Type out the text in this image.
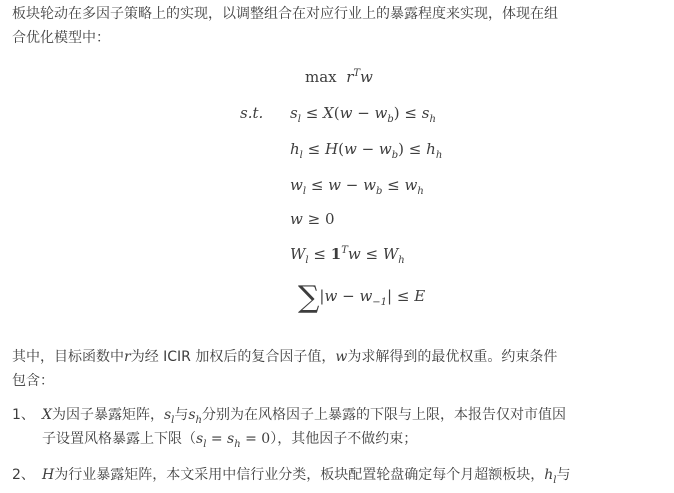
板块轮动在多因子策略上的实现，以调整组合在对应行业上的暴露程度来实现，体现在组
合优化模型中：

$\max r^Tw$
s.t. $s_l \le X(w - w_b) \le s_h$
$h_l \le H(w - w_b) \le h_h$
$w_l \le w - w_b \le w_h$
w ≥ 0
$W_l \le 1^Tw \le W_h$
$\sum|w - w_{-1}| \le E$

其中，目标函数中r为经 ICIR 加权后的复合因子值，w为求解得到的最优权重。约束条件
包含：

1、 X为因子暴露矩阵，$s_l$与$s_h$分别为在风格因子上暴露的下限与上限，本报告仅对市值因
子设置风格暴露上下限$(s_l = s_h = 0)$，其他因子不做约束；
2、 H为行业暴露矩阵，本文采用中信行业分类，板块配置轮盘确定每个月超额板块，$h_l$与
